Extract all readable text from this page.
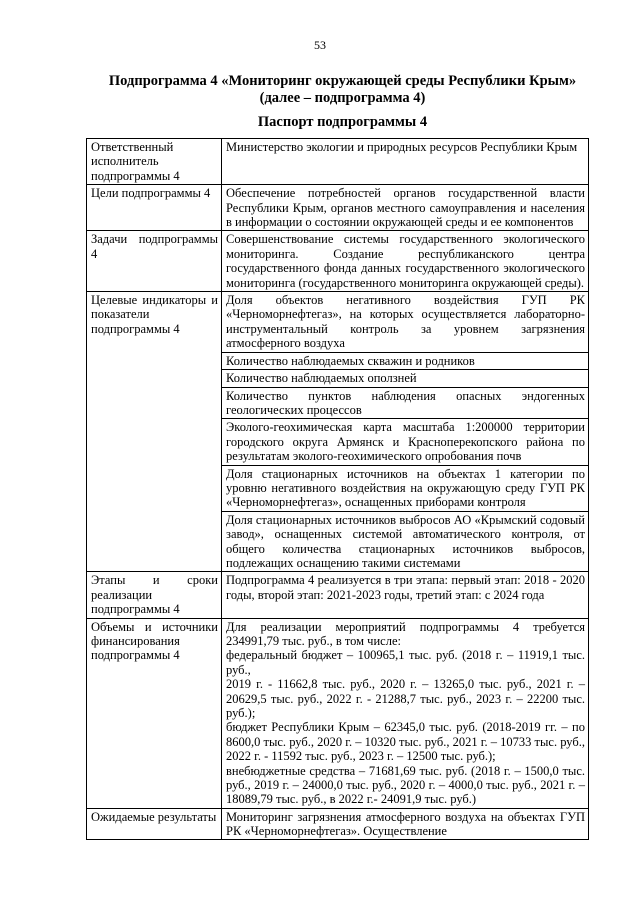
53
Подпрограмма 4 «Мониторинг окружающей среды Республики Крым»
(далее – подпрограмма 4)
Паспорт подпрограммы 4
Ответственный исполнитель подпрограммы 4	Министерство экологии и природных ресурсов Республики Крым
Цели подпрограммы 4	Обеспечение потребностей органов государственной власти Республики Крым, органов местного самоуправления и населения в информации о состоянии окружающей среды и ее компонентов
Задачи подпрограммы 4	Совершенствование системы государственного экологического мониторинга. Создание республиканского центра государственного фонда данных государственного экологического мониторинга (государственного мониторинга окружающей среды).
Целевые индикаторы и показатели подпрограммы 4	Доля объектов негативного воздействия ГУП РК «Черноморнефтегаз», на которых осуществляется лабораторно-инструментальный контроль за уровнем загрязнения атмосферного воздуха
	Количество наблюдаемых скважин и родников
	Количество наблюдаемых оползней
	Количество пунктов наблюдения опасных эндогенных геологических процессов
	Эколого-геохимическая карта масштаба 1:200000 территории городского округа Армянск и Красноперекопского района по результатам эколого-геохимического опробования почв
	Доля стационарных источников на объектах 1 категории по уровню негативного воздействия на окружающую среду ГУП РК «Черноморнефтегаз», оснащенных приборами контроля
	Доля стационарных источников выбросов АО «Крымский содовый завод», оснащенных системой автоматического контроля, от общего количества стационарных источников выбросов, подлежащих оснащению такими системами
Этапы и сроки реализации подпрограммы 4	Подпрограмма 4 реализуется в три этапа: первый этап: 2018 - 2020 годы, второй этап: 2021-2023 годы, третий этап: с 2024 года
Объемы и источники финансирования подпрограммы 4	Для реализации мероприятий подпрограммы 4 требуется 234991,79 тыс. руб., в том числе:
федеральный бюджет – 100965,1 тыс. руб. (2018 г. – 11919,1 тыс. руб.,
2019 г. - 11662,8 тыс. руб., 2020 г. – 13265,0 тыс. руб., 2021 г. – 20629,5 тыс. руб., 2022 г. - 21288,7 тыс. руб., 2023 г. – 22200 тыс. руб.);
бюджет Республики Крым – 62345,0 тыс. руб. (2018-2019 гг. – по 8600,0 тыс. руб., 2020 г. – 10320 тыс. руб., 2021 г. – 10733 тыс. руб., 2022 г. - 11592 тыс. руб., 2023 г. – 12500 тыс. руб.);
внебюджетные средства – 71681,69 тыс. руб. (2018 г. – 1500,0 тыс. руб., 2019 г. – 24000,0 тыс. руб., 2020 г. – 4000,0 тыс. руб., 2021 г. – 18089,79 тыс. руб., в 2022 г.- 24091,9 тыс. руб.)

Ожидаемые результаты	Мониторинг загрязнения атмосферного воздуха на объектах ГУП РК «Черноморнефтегаз». Осуществление
